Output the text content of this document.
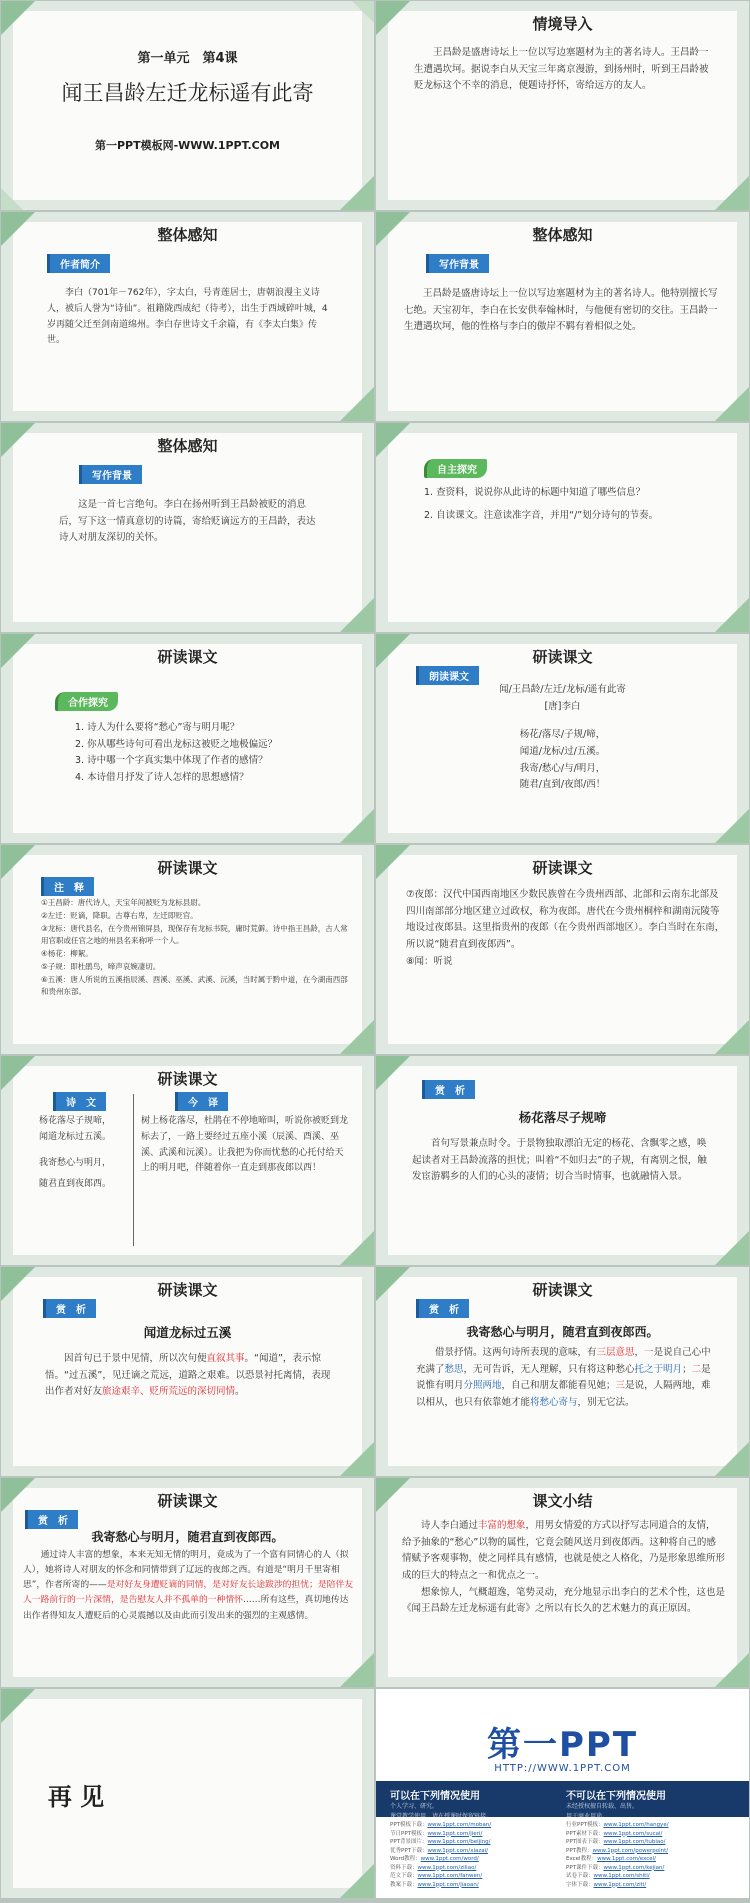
第一单元　第4课
闻王昌龄左迁龙标遥有此寄
第一PPT模板网-WWW.1PPT.COM
情境导入

王昌龄是盛唐诗坛上一位以写边塞题材为主的著名诗人。王昌龄一生遭遇坎坷。据说李白从天宝三年离京漫游，到扬州时，听到王昌龄被贬龙标这个不幸的消息，便题诗抒怀，寄给远方的友人。

整体感知
作者简介

李白（701年－762年），字太白，号青莲居士，唐朝浪漫主义诗人，被后人誉为“诗仙”。祖籍陇西成纪（待考），出生于西域碎叶城，4岁再随父迁至剑南道绵州。李白存世诗文千余篇，有《李太白集》传世。

整体感知
写作背景

王昌龄是盛唐诗坛上一位以写边塞题材为主的著名诗人。他特别擅长写七绝。天宝初年，李白在长安供奉翰林时，与他便有密切的交往。王昌龄一生遭遇坎坷，他的性格与李白的傲岸不羁有着相似之处。

整体感知
写作背景

这是一首七言绝句。李白在扬州听到王昌龄被贬的消息后，写下这一情真意切的诗篇，寄给贬谪远方的王昌龄，表达诗人对朋友深切的关怀。

自主探究
1. 查资料，说说你从此诗的标题中知道了哪些信息？
2. 自读课文。注意读准字音，并用“/”划分诗句的节奏。
研读课文
合作探究
1. 诗人为什么要将“愁心”寄与明月呢？
2. 你从哪些诗句可看出龙标这被贬之地极偏远？
3. 诗中哪一个字真实集中体现了作者的感情？
4. 本诗借月抒发了诗人怎样的思想感情？
研读课文
朗读课文
闻/王昌龄/左迁/龙标/遥有此寄
[唐]李白
杨花/落尽/子规/啼，
闻道/龙标/过/五溪。
我寄/愁心/与/明月，
随君/直到/夜郎/西！
研读课文
注　释
①王昌龄：唐代诗人，天宝年间被贬为龙标县尉。
②左迁：贬谪，降职。古尊右卑，左迁即贬官。
③龙标：唐代县名，在今贵州锦屏县，现保存有龙标书院，庸时荒僻。诗中指王昌龄，古人常用官职或任官之地的州县名来称呼一个人。
④杨花：柳絮。
⑤子规：即杜鹃鸟，啼声哀婉凄切。
⑥五溪：唐人所说的五溪指辰溪、酉溪、巫溪、武溪、沅溪，当时属于黔中道，在今湖南西部和贵州东部。
研读课文
⑦夜郎：汉代中国西南地区少数民族曾在今贵州西部、北部和云南东北部及四川南部部分地区建立过政权，称为夜郎。唐代在今贵州桐梓和湖南沅陵等地设过夜郎县。这里指贵州的夜郎（在今贵州西部地区）。李白当时在东南，所以说“随君直到夜郎西”。
⑧闻：听说
研读课文
诗　文	今　译
杨花落尽子规啼，
闻道龙标过五溪。
我寄愁心与明月，
随君直到夜郎西。
树上杨花落尽，杜鹃在不停地啼叫，听说你被贬到龙标去了，一路上要经过五座小溪（辰溪、酉溪、巫溪、武溪和沅溪）。让我把为你而忧愁的心托付给天上的明月吧，伴随着你一直走到那夜郎以西！
赏　析
杨花落尽子规啼

首句写景兼点时令。于景物独取漂泊无定的杨花、含飘零之感，唤起读者对王昌龄流落的担忧；叫着“不如归去”的子规，有离别之恨，触发宦游羁乡的人们的心头的凄情；切合当时情事，也就融情入景。

研读课文
赏　析
闻道龙标过五溪

因首句已于景中见情，所以次句便直叙其事。“闻道”，表示惊悟。“过五溪”，见迁谪之荒远，道路之艰难。以恐景衬托离情，表现出作者对好友旅途艰辛、贬所荒远的深切同情。

研读课文
赏　析
我寄愁心与明月，随君直到夜郎西。

借景抒情。这两句诗所表现的意味，有三层意思，一是说自己心中充满了愁思，无可告诉，无人理解，只有将这种愁心托之于明月；二是说惟有明月分照两地，自己和朋友都能看见她；三是说，人隔两地，难以相从，也只有依靠她才能将愁心寄与，别无它法。

研读课文
赏　析
我寄愁心与明月，随君直到夜郎西。

通过诗人丰富的想象，本来无知无情的明月，竟成为了一个富有同情心的人（拟人），她将诗人对朋友的怀念和同情带到了辽远的夜郎之西。有道是“明月千里寄相思”，作者所寄的——是对好友身遭贬谪的同情，是对好友长途跋涉的担忧；是陪伴友人一路前行的一片深情，是告慰友人并不孤单的一种情怀……所有这些，真切地传达出作者得知友人遭贬后的心灵震撼以及由此而引发出来的强烈的主观感情。

课文小结

诗人李白通过丰富的想象，用男女情爱的方式以抒写志同道合的友情，给予抽象的“愁心”以物的属性，它竟会随风送月到夜郎西。这种将自己的感情赋予客观事物，使之同样具有感情，也就是使之人格化，乃是形象思维所形成的巨大的特点之一和优点之一。

想象惊人，气概超逸，笔势灵动，充分地显示出李白的艺术个性，这也是《闻王昌龄左迁龙标遥有此寄》之所以有长久的艺术魅力的真正原因。

再 见
第一PPT
HTTP://WWW.1PPT.COM
可以在下列情况使用
个人学习、研究。
不可以在下列情况使用
未经授权擅自转载、出售。
PPT模板下载：www.1ppt.com/moban/
节日PPT模板：www.1ppt.com/jieri/
PPT背景图片：www.1ppt.com/beijing/
优秀PPT下载：www.1ppt.com/xiazai/
Word教程：www.1ppt.com/word/
资料下载：www.1ppt.com/ziliao/
范文下载：www.1ppt.com/fanwen/
教案下载：www.1ppt.com/jiaoan/
行业PPT模板：www.1ppt.com/hangye/
PPT素材下载：www.1ppt.com/sucai/
PPT图表下载：www.1ppt.com/tubiao/
PPT教程：www.1ppt.com/powerpoint/
Excel教程：www.1ppt.com/excel/
PPT课件下载：www.1ppt.com/kejian/
试卷下载：www.1ppt.com/shiti/
字体下载：www.1ppt.com/ziti/
